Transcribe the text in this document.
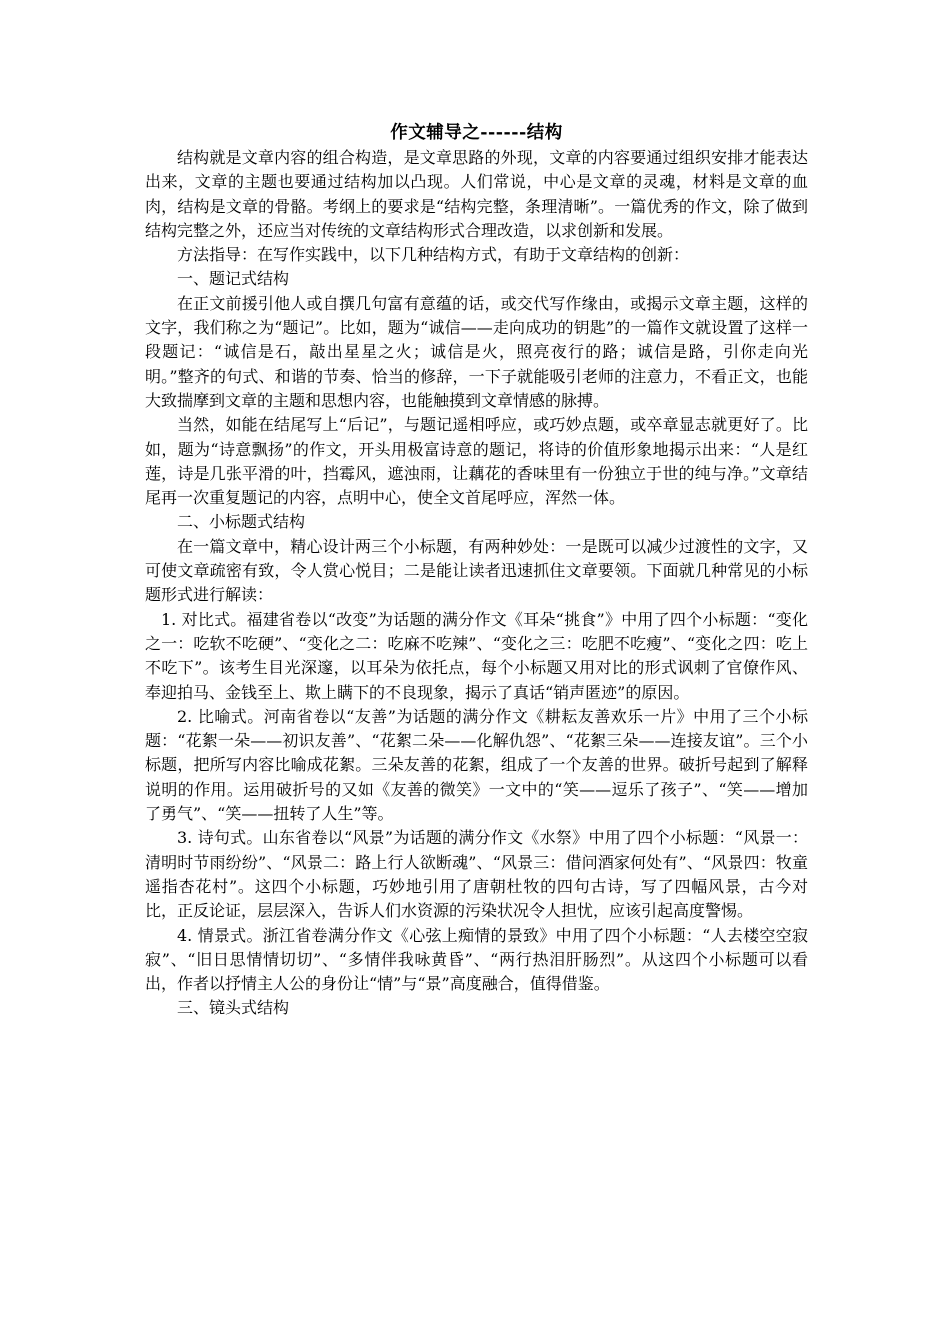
作文辅导之------结构

结构就是文章内容的组合构造，是文章思路的外现，文章的内容要通过组织安排才能表达出来，文章的主题也要通过结构加以凸现。人们常说，中心是文章的灵魂，材料是文章的血肉，结构是文章的骨骼。考纲上的要求是“结构完整，条理清晰”。一篇优秀的作文，除了做到结构完整之外，还应当对传统的文章结构形式合理改造，以求创新和发展。

方法指导：在写作实践中，以下几种结构方式，有助于文章结构的创新：

一、题记式结构

在正文前援引他人或自撰几句富有意蕴的话，或交代写作缘由，或揭示文章主题，这样的文字，我们称之为“题记”。比如，题为“诚信——走向成功的钥匙”的一篇作文就设置了这样一段题记：“诚信是石，敲出星星之火；诚信是火，照亮夜行的路；诚信是路，引你走向光明。”整齐的句式、和谐的节奏、恰当的修辞，一下子就能吸引老师的注意力，不看正文，也能大致揣摩到文章的主题和思想内容，也能触摸到文章情感的脉搏。

当然，如能在结尾写上“后记”，与题记遥相呼应，或巧妙点题，或卒章显志就更好了。比如，题为“诗意飘扬”的作文，开头用极富诗意的题记，将诗的价值形象地揭示出来：“人是红莲，诗是几张平滑的叶，挡霉风，遮浊雨，让藕花的香味里有一份独立于世的纯与净。”文章结尾再一次重复题记的内容，点明中心，使全文首尾呼应，浑然一体。

二、小标题式结构

在一篇文章中，精心设计两三个小标题，有两种妙处：一是既可以减少过渡性的文字，又可使文章疏密有致，令人赏心悦目；二是能让读者迅速抓住文章要领。下面就几种常见的小标题形式进行解读：

1. 对比式。福建省卷以“改变”为话题的满分作文《耳朵“挑食”》中用了四个小标题：“变化之一：吃软不吃硬”、“变化之二：吃麻不吃辣”、“变化之三：吃肥不吃瘦”、“变化之四：吃上不吃下”。该考生目光深邃，以耳朵为依托点，每个小标题又用对比的形式讽刺了官僚作风、奉迎拍马、金钱至上、欺上瞒下的不良现象，揭示了真话“销声匿迹”的原因。

2. 比喻式。河南省卷以“友善”为话题的满分作文《耕耘友善欢乐一片》中用了三个小标题：“花絮一朵——初识友善”、“花絮二朵——化解仇怨”、“花絮三朵——连接友谊”。三个小标题，把所写内容比喻成花絮。三朵友善的花絮，组成了一个友善的世界。破折号起到了解释说明的作用。运用破折号的又如《友善的微笑》一文中的“笑——逗乐了孩子”、“笑——增加了勇气”、“笑——扭转了人生”等。

3. 诗句式。山东省卷以“风景”为话题的满分作文《水祭》中用了四个小标题：“风景一：清明时节雨纷纷”、“风景二：路上行人欲断魂”、“风景三：借问酒家何处有”、“风景四：牧童遥指杏花村”。这四个小标题，巧妙地引用了唐朝杜牧的四句古诗，写了四幅风景，古今对比，正反论证，层层深入，告诉人们水资源的污染状况令人担忧，应该引起高度警惕。

4. 情景式。浙江省卷满分作文《心弦上痴情的景致》中用了四个小标题：“人去楼空空寂寂”、“旧日思情情切切”、“多情伴我咏黄昏”、“两行热泪肝肠烈”。从这四个小标题可以看出，作者以抒情主人公的身份让“情”与“景”高度融合，值得借鉴。

三、镜头式结构
